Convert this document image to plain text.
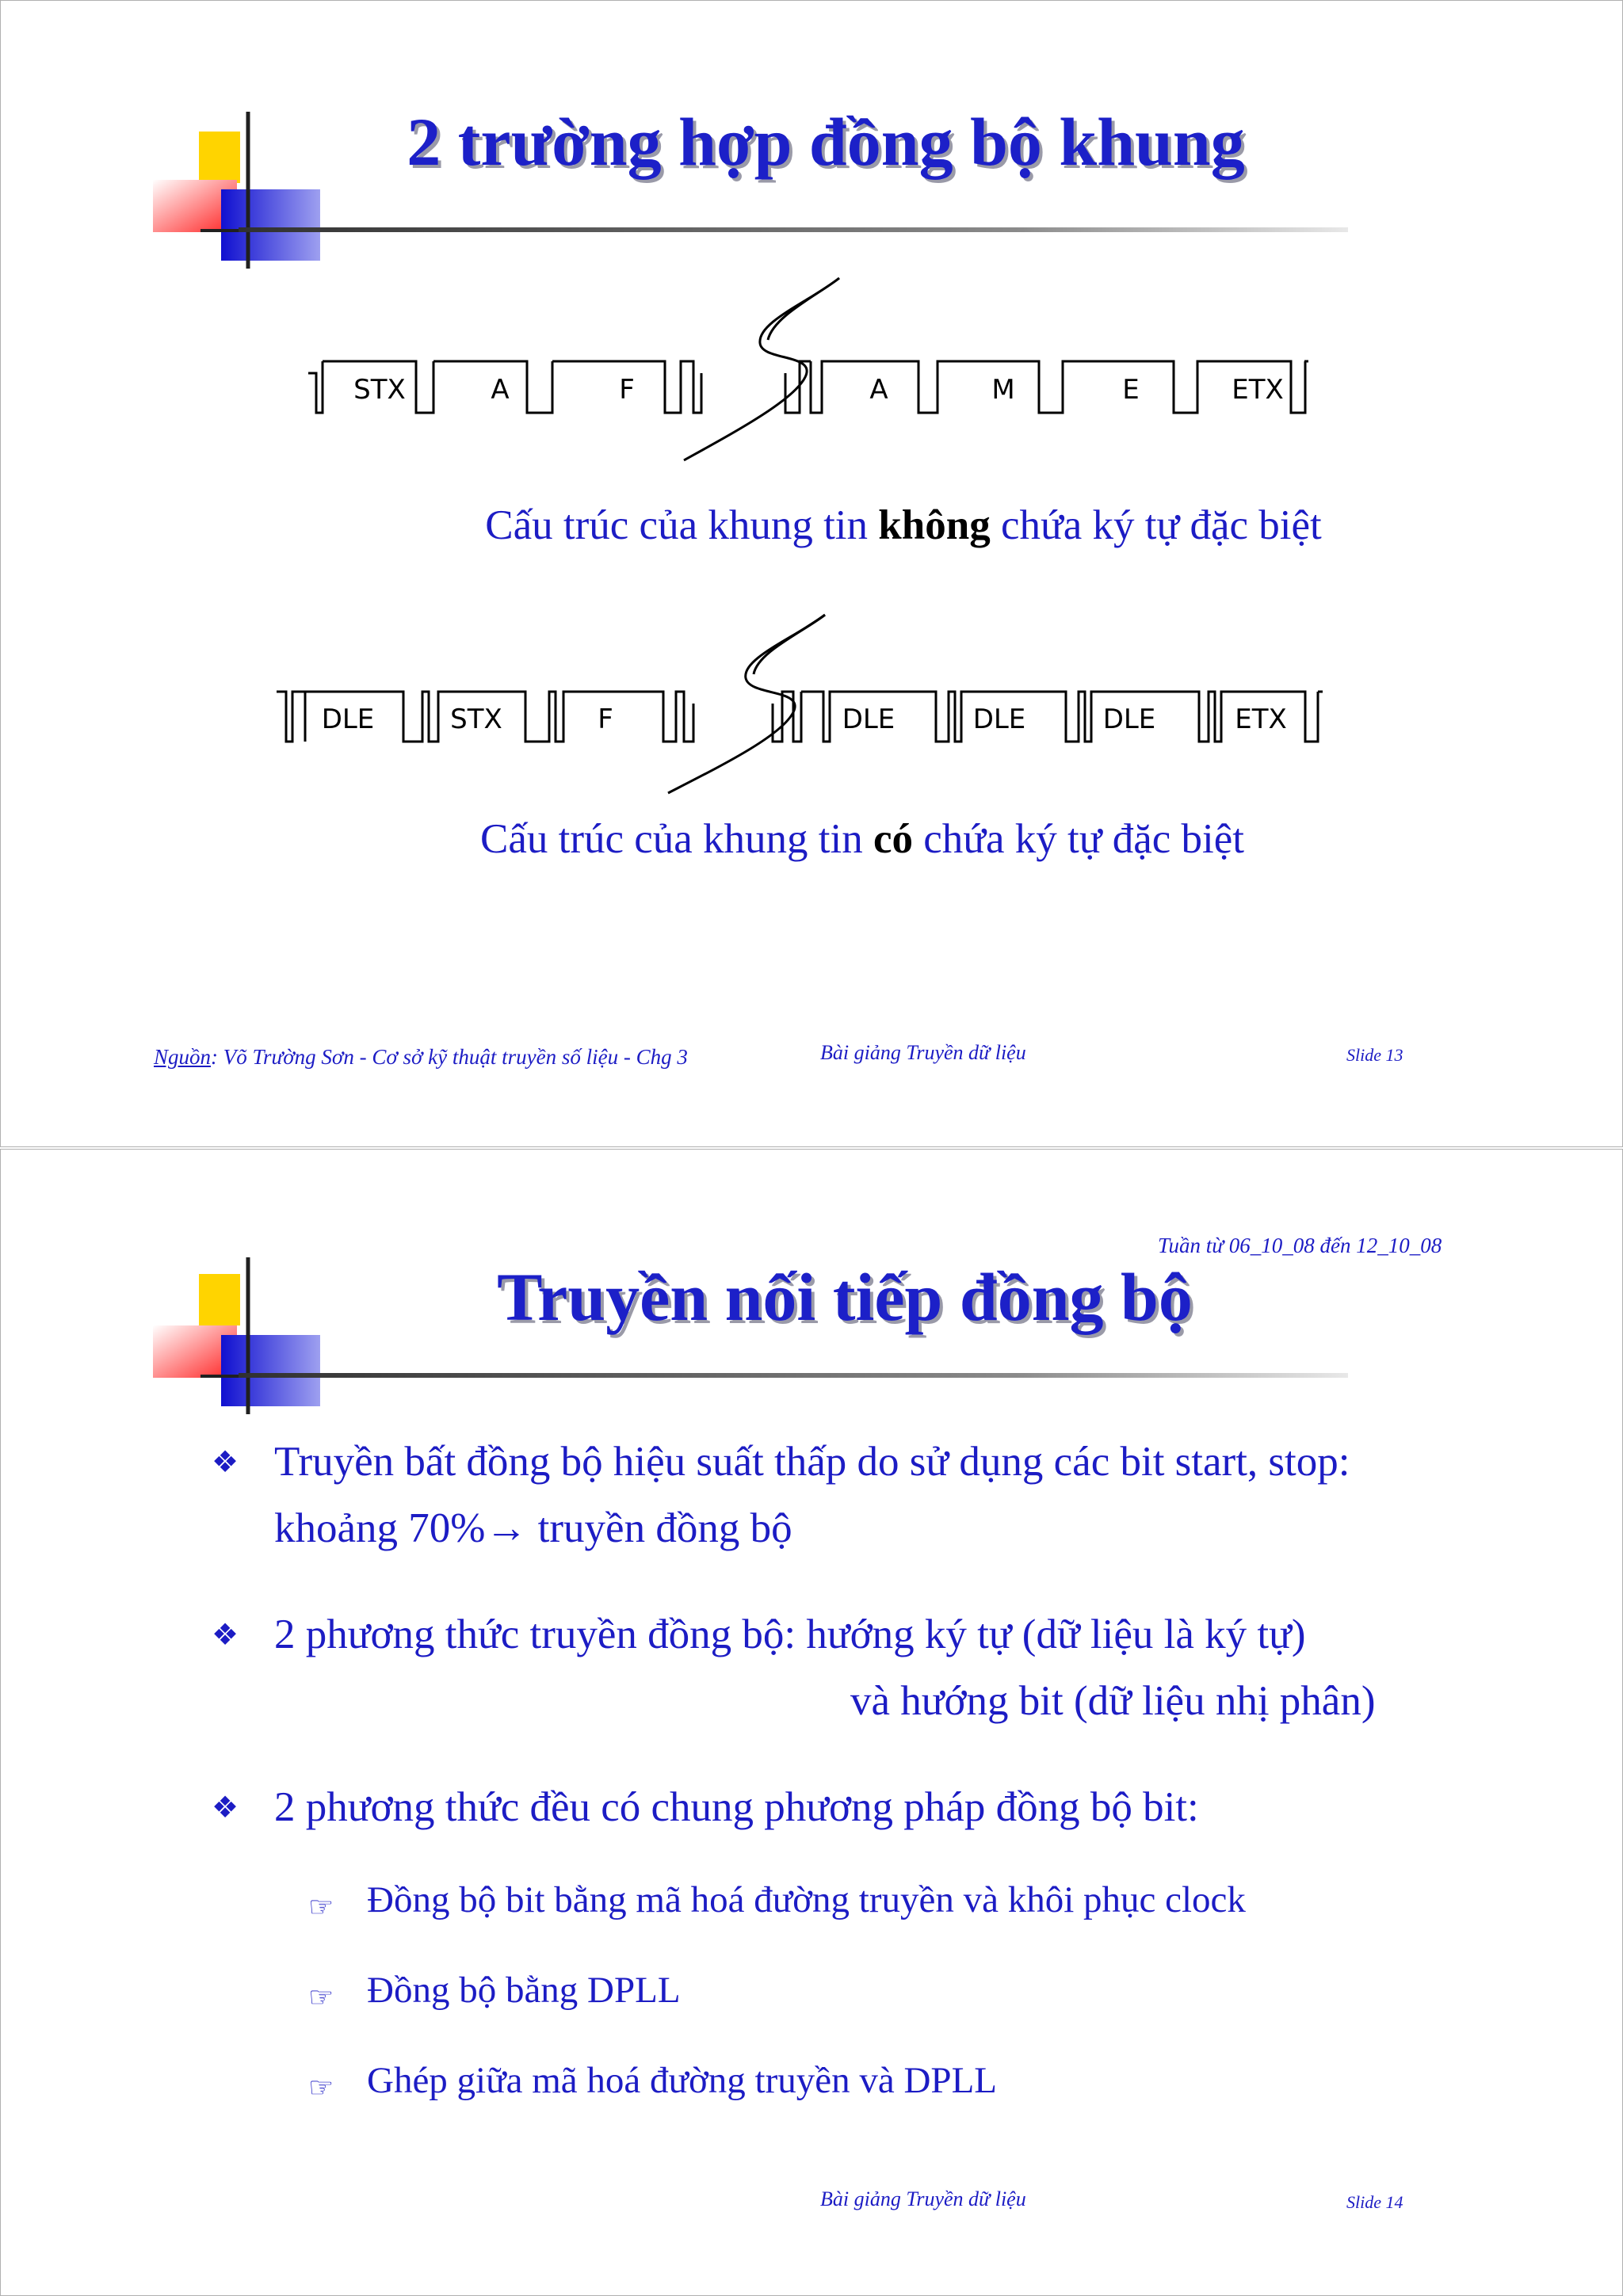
STX	A	F	A	M	E	ETX
DLE	STX	F	DLE	DLE	DLE	ETX
2 trường hợp đồng bộ khung
Cấu trúc của khung tin không chứa ký tự đặc biệt
Cấu trúc của khung tin có chứa ký tự đặc biệt
Nguồn: Võ Trường Sơn - Cơ sở kỹ thuật truyền số liệu - Chg 3	Bài giảng Truyền dữ liệu	Slide 13
Tuần từ 06_10_08 đến 12_10_08
Truyền nối tiếp đồng bộ
❖ Truyền bất đồng bộ hiệu suất thấp do sử dụng các bit start, stop:
khoảng 70%→ truyền đồng bộ
❖ 2 phương thức truyền đồng bộ: hướng ký tự (dữ liệu là ký tự)
và hướng bit (dữ liệu nhị phân)
❖ 2 phương thức đều có chung phương pháp đồng bộ bit:
☞ Đồng bộ bit bằng mã hoá đường truyền và khôi phục clock
☞ Đồng bộ bằng DPLL
☞ Ghép giữa mã hoá đường truyền và DPLL
Bài giảng Truyền dữ liệu	Slide 14
